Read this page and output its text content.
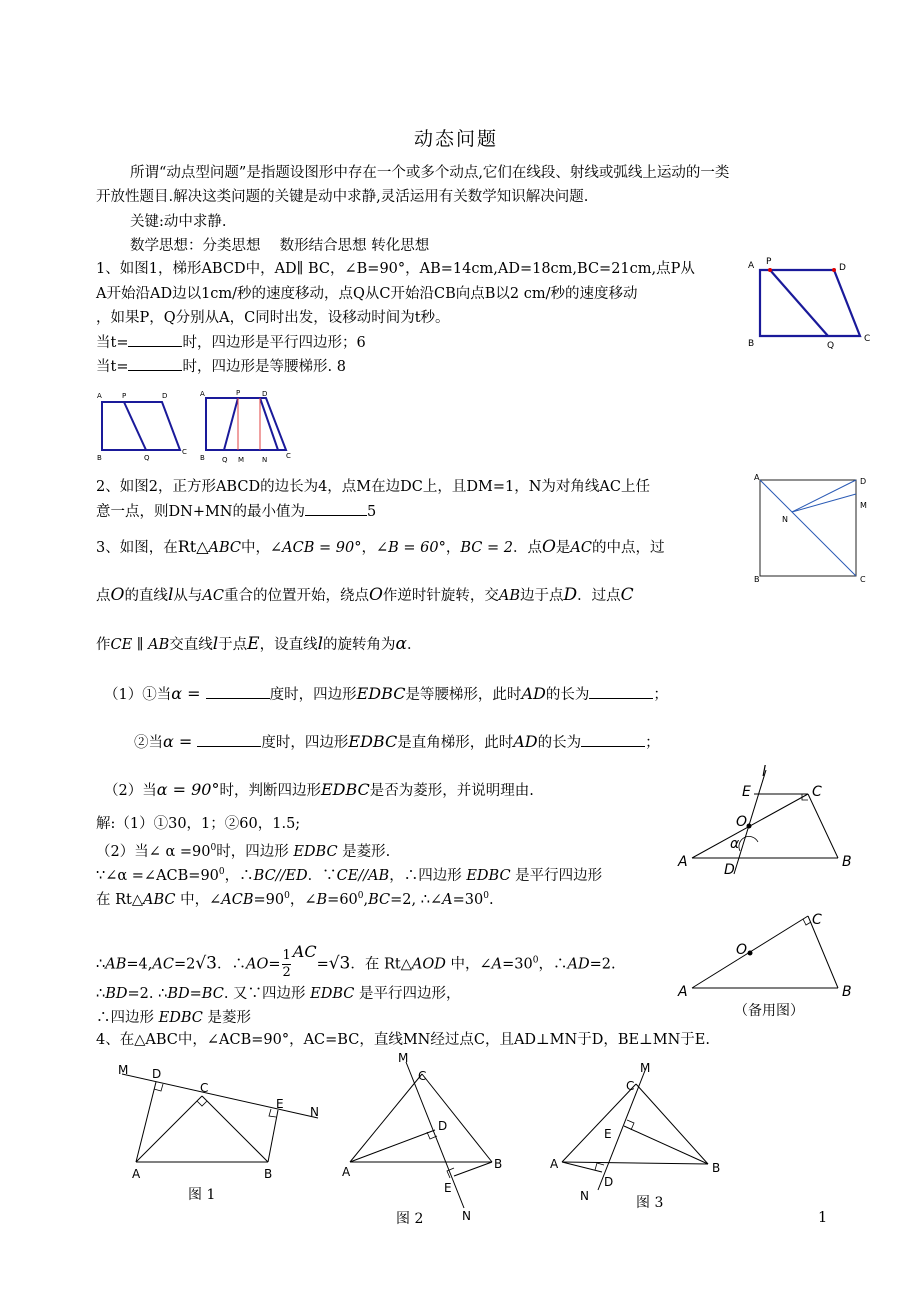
动态问题
所谓“动点型问题”是指题设图形中存在一个或多个动点,它们在线段、射线或弧线上运动的一类
开放性题目.解决这类问题的关键是动中求静,灵活运用有关数学知识解决问题.
关键:动中求静.
数学思想：分类思想　 数形结合思想 转化思想
1、如图1，梯形ABCD中，AD∥ BC，∠B=90°，AB=14cm,AD=18cm,BC=21cm,点P从
A开始沿AD边以1cm/秒的速度移动，点Q从C开始沿CB向点B以2 cm/秒的速度移动
，如果P，Q分别从A，C同时出发，设移动时间为t秒。
当t=	时，四边形是平行四边形；6
当t=	时，四边形是等腰梯形. 8
A P
D
B	Q
C
A	P	D
B	Q
C
A	P	D
B Q M	N	C
2、如图2，正方形ABCD的边长为4，点M在边DC上，且DM=1，N为对角线AC上任
意一点，则DN+MN的最小值为	5
A	D
M
N
B	C
3、如图，在Rt△ABC中，∠ACB = 90°，∠B = 60°，BC = 2．点O是AC的中点，过
点O的直线l从与AC重合的位置开始，绕点O作逆时针旋转，交AB边于点D．过点C
作CE ∥ AB交直线l于点E，设直线l的旋转角为α．
（1）①当α =	度时，四边形EDBC是等腰梯形，此时AD的长为	；
②当α =	度时，四边形EDBC是直角梯形，此时AD的长为	；
（2）当α = 90°时，判断四边形EDBC是否为菱形，并说明理由.
解:（1）①30，1；②60，1.5;
（2）当∠ $\alpha =90^0$时，四边形 EDBC 是菱形.
∵∠α $=\angle ACB=90^0$，∴BC//ED．∵CE//AB，∴四边形 EDBC 是平行四边形
在 Rt△ABC 中，$\angle ACB=90^0$，$\angle B=60^0,BC=2$, $\therefore\angle A=30^0$.
∴AB=4,AC=2√3．∴AO= $\frac{1}{2} AC=√3$．在 Rt△AOD 中，$\angle A=30^0$，∴AD=2.
∴BD=2. ∴BD=BC. 又∵四边形 EDBC 是平行四边形，
∴四边形 EDBC 是菱形
l
E	C
O
α
A	D	B
O
C
A	B
（备用图）
4、在△ABC中，∠ACB=90°，AC=BC，直线MN经过点C，且AD⊥MN于D，BE⊥MN于E.
M D
C
E
N
A	B
图 1
M
C
D
A
B
E
N
图 2
C
M
E
A	B
D
N	图 3
1
